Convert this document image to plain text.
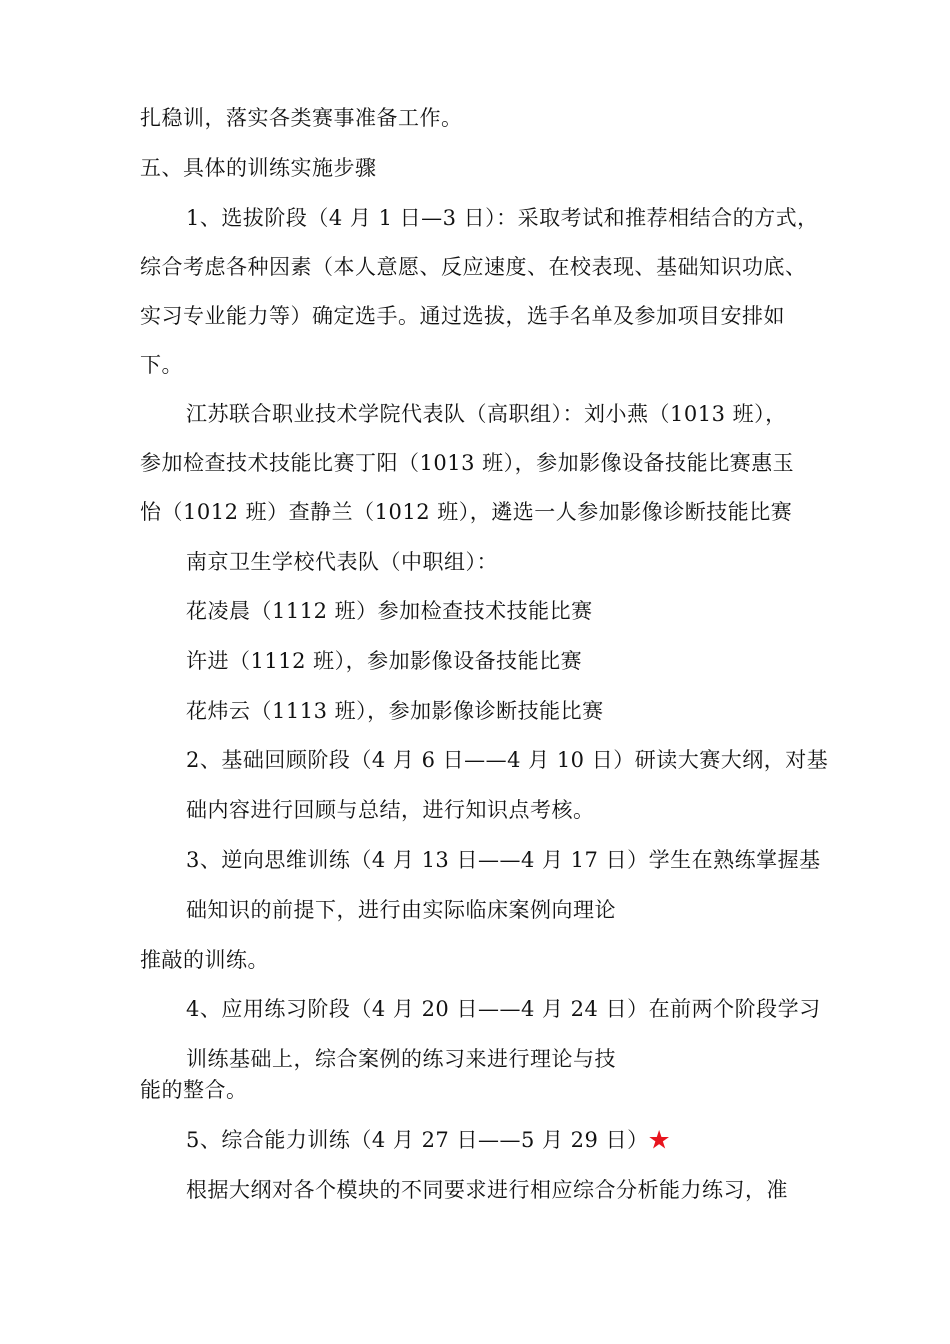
扎稳训，落实各类赛事准备工作。
五、具体的训练实施步骤
1、选拔阶段（4 月 1 日—3 日）：采取考试和推荐相结合的方式，
综合考虑各种因素（本人意愿、反应速度、在校表现、基础知识功底、
实习专业能力等）确定选手。通过选拔，选手名单及参加项目安排如
下。
江苏联合职业技术学院代表队（高职组）：刘小燕（1013 班），
参加检查技术技能比赛丁阳（1013 班），参加影像设备技能比赛惠玉
怡（1012 班）查静兰（1012 班），遴选一人参加影像诊断技能比赛
南京卫生学校代表队（中职组）：
花凌晨（1112 班）参加检查技术技能比赛
许进（1112 班），参加影像设备技能比赛
花炜云（1113 班），参加影像诊断技能比赛
2、基础回顾阶段（4 月 6 日——4 月 10 日）研读大赛大纲，对基
础内容进行回顾与总结，进行知识点考核。
3、逆向思维训练（4 月 13 日——4 月 17 日）学生在熟练掌握基
础知识的前提下，进行由实际临床案例向理论
推敲的训练。
4、应用练习阶段（4 月 20 日——4 月 24 日）在前两个阶段学习
训练基础上，综合案例的练习来进行理论与技
能的整合。
5、综合能力训练（4 月 27 日——5 月 29 日）★
根据大纲对各个模块的不同要求进行相应综合分析能力练习，准
